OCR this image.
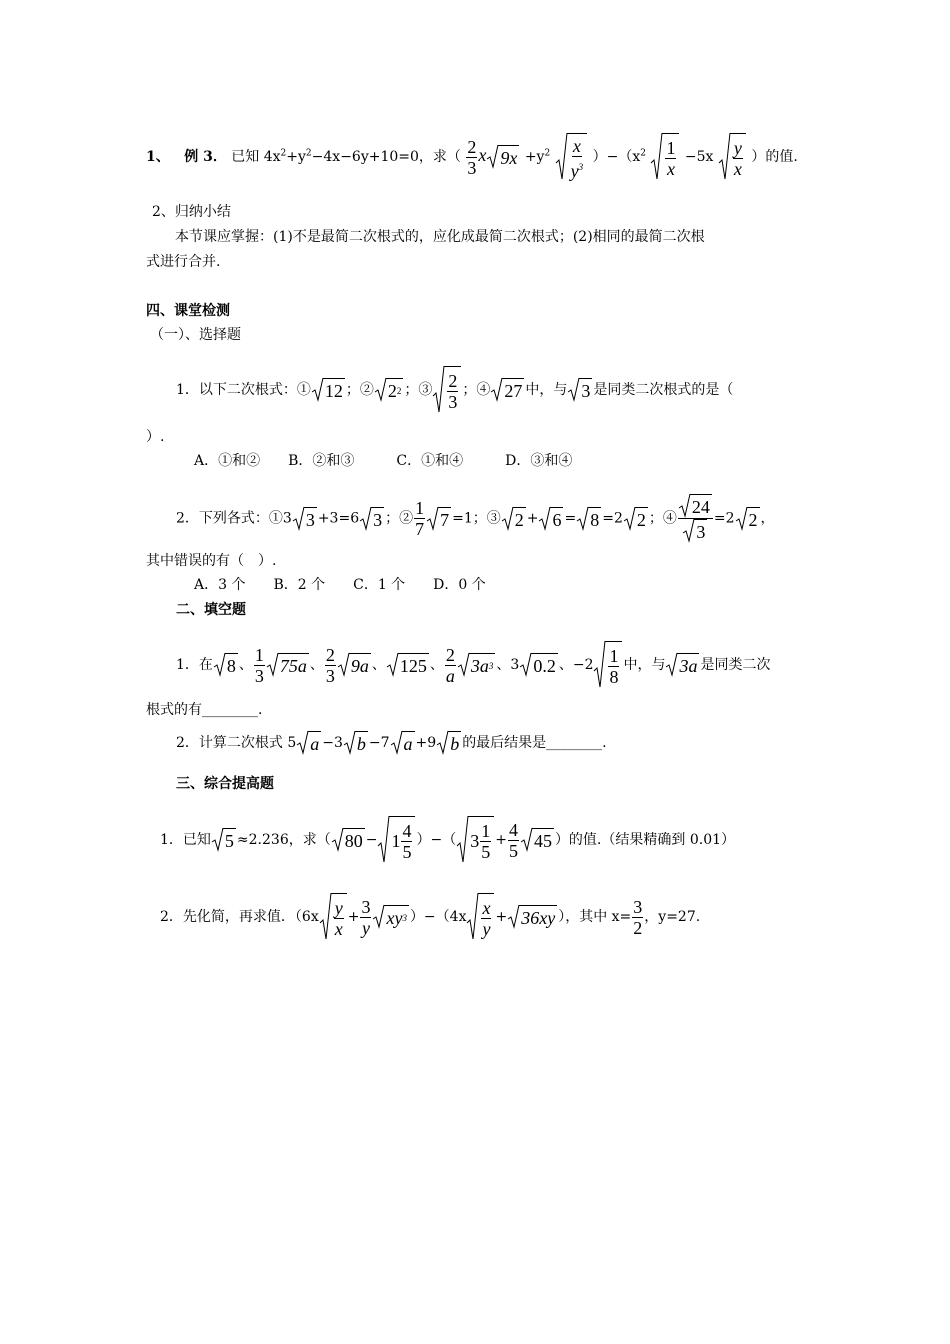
1、 例 3． 已知 $4x^2+y^2-4x-6y+10=0$，求（ $\frac{2}{3}$ x $9x +y^2$ x
$y^3$
）$-(x^2$ 1
x
−5x y
x
）的值.
2、归纳小结
本节课应掌握：(1)不是最简二次根式的，应化成最简二次根式；(2)相同的最简二次根
式进行合并.
四、课堂检测
（一）、选择题
1．以下二次根式：① 12 ；② 2 2 ；③ 2
3
；④ 27 中，与 3 是同类二次根式的是（
）.
A．①和②　　B．②和③　　　C．①和④　　　D．③和④
2．下列各式：①3 3 +3=6 3 ；② $\frac{1}{7} 7 =1$；③ 2 + 6 = 8 =2 2 ；④ $\frac{24}{3} =2$ 2 ，
其中错误的有（　）.
A．3 个　　B．2 个　　C．1 个　　D．0 个
二、填空题
1．在 8 、 $\frac{1}{3} 75a$ 、 $\frac{2}{3} 9a$ 、 125 、 $\frac{2}{a} 3a$ 3 、3 0.2 、−2 1
8
中，与 3a 是同类二次
根式的有________.
2．计算二次根式 5 a −3 b −7 a +9 b 的最后结果是________.
三、综合提高题
1．已知 5 ≈2.236，求（ 80 − 1
4
5
）−（ 3
1
5
+ $\frac{4}{5} 45$ ）的值.（结果精确到 0.01）
2．先化简，再求值．（6x y
x
+ $\frac{3}{y}$ xy 3 ）−（4x x
y
+ 36xy ），其中 $x= \frac{3}{2}$ ，y=27.
